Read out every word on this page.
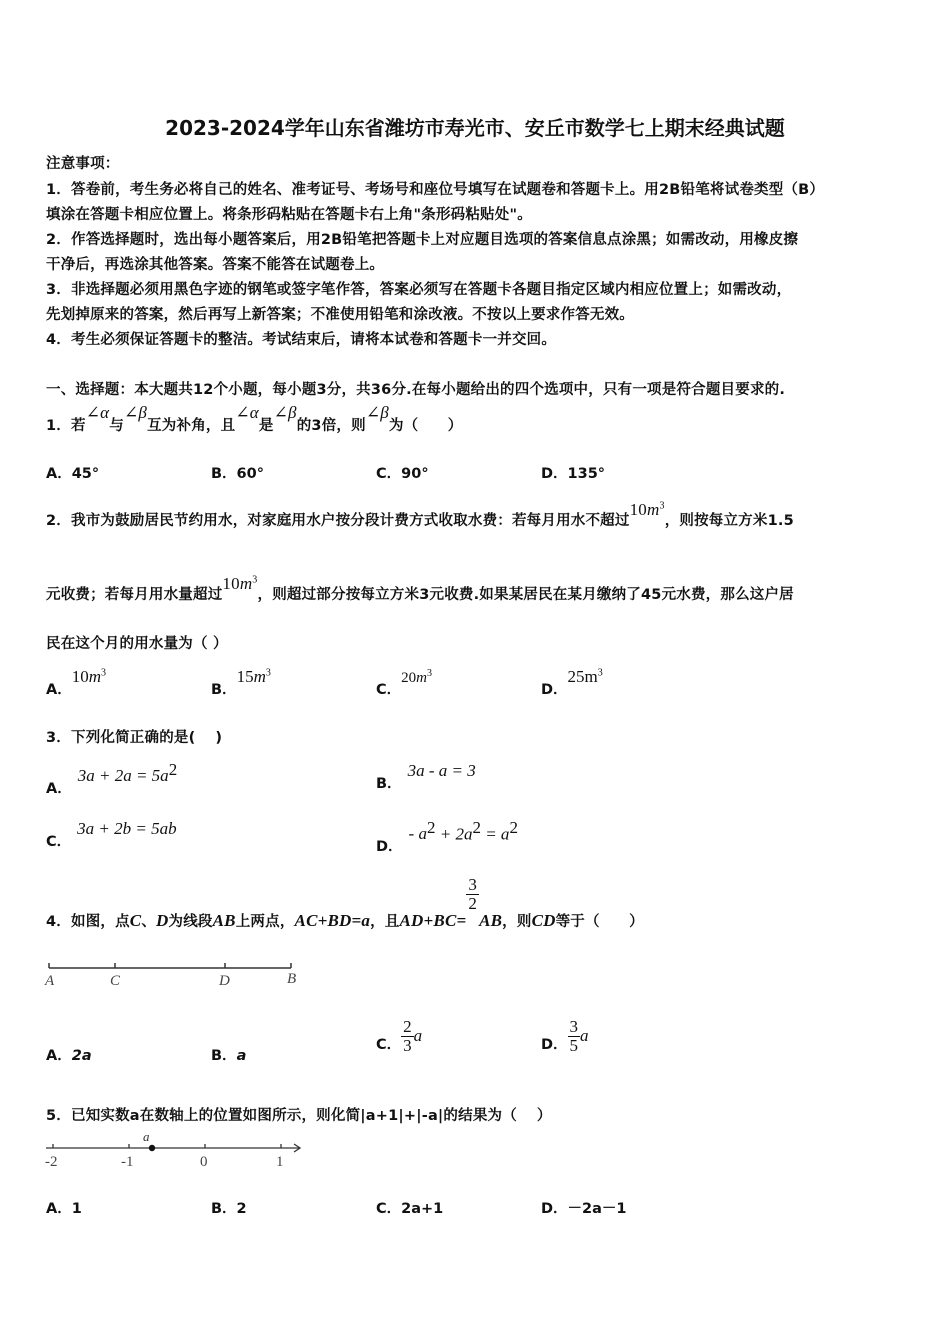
2023-2024学年山东省潍坊市寿光市、安丘市数学七上期末经典试题
注意事项：
1．答卷前，考生务必将自己的姓名、准考证号、考场号和座位号填写在试题卷和答题卡上。用2B铅笔将试卷类型（B）
填涂在答题卡相应位置上。将条形码粘贴在答题卡右上角"条形码粘贴处"。
2．作答选择题时，选出每小题答案后，用2B铅笔把答题卡上对应题目选项的答案信息点涂黑；如需改动，用橡皮擦
干净后，再选涂其他答案。答案不能答在试题卷上。
3．非选择题必须用黑色字迹的钢笔或签字笔作答，答案必须写在答题卡各题目指定区域内相应位置上；如需改动，
先划掉原来的答案，然后再写上新答案；不准使用铅笔和涂改液。不按以上要求作答无效。
4．考生必须保证答题卡的整洁。考试结束后，请将本试卷和答题卡一并交回。
一、选择题：本大题共12个小题，每小题3分，共36分.在每小题给出的四个选项中，只有一项是符合题目要求的.
1．若∠α与∠β互为补角，且∠α是∠β的3倍，则∠β为（　　）
A．45°	B．60°	C．90°	D．135°
2．我市为鼓励居民节约用水，对家庭用水户按分段计费方式收取水费：若每月用水不超过$10m^3$，则按每立方米1.5
元收费；若每月用水量超过$10m^3$，则超过部分按每立方米3元收费.如果某居民在某月缴纳了45元水费，那么这户居
民在这个月的用水量为（ ）
A．$10m^3$
B．$15m^3$
C．$20m^3$
D．$25m^3$
3．下列化简正确的是(　 )
A．$3a + 2a = 5a^2$
B．3a - a = 3
C．3a + 2b = 5ab
D．- $a^2 + 2a^2 = a^2$
4．如图，点C、D为线段AB上两点，AC+BD=a，且AD+BC=
$\frac{3}{2}$
AB，则CD等于（　　）
A	C	D	B
A．2a	B．a
C． $\frac{2}{3}$ a	D． $\frac{3}{5}$ a
5．已知实数a在数轴上的位置如图所示，则化简|a+1|+|-a|的结果为（　 ）
a
-2	-1	0	1
A．1	B．2	C．2a+1	D．－2a－1
